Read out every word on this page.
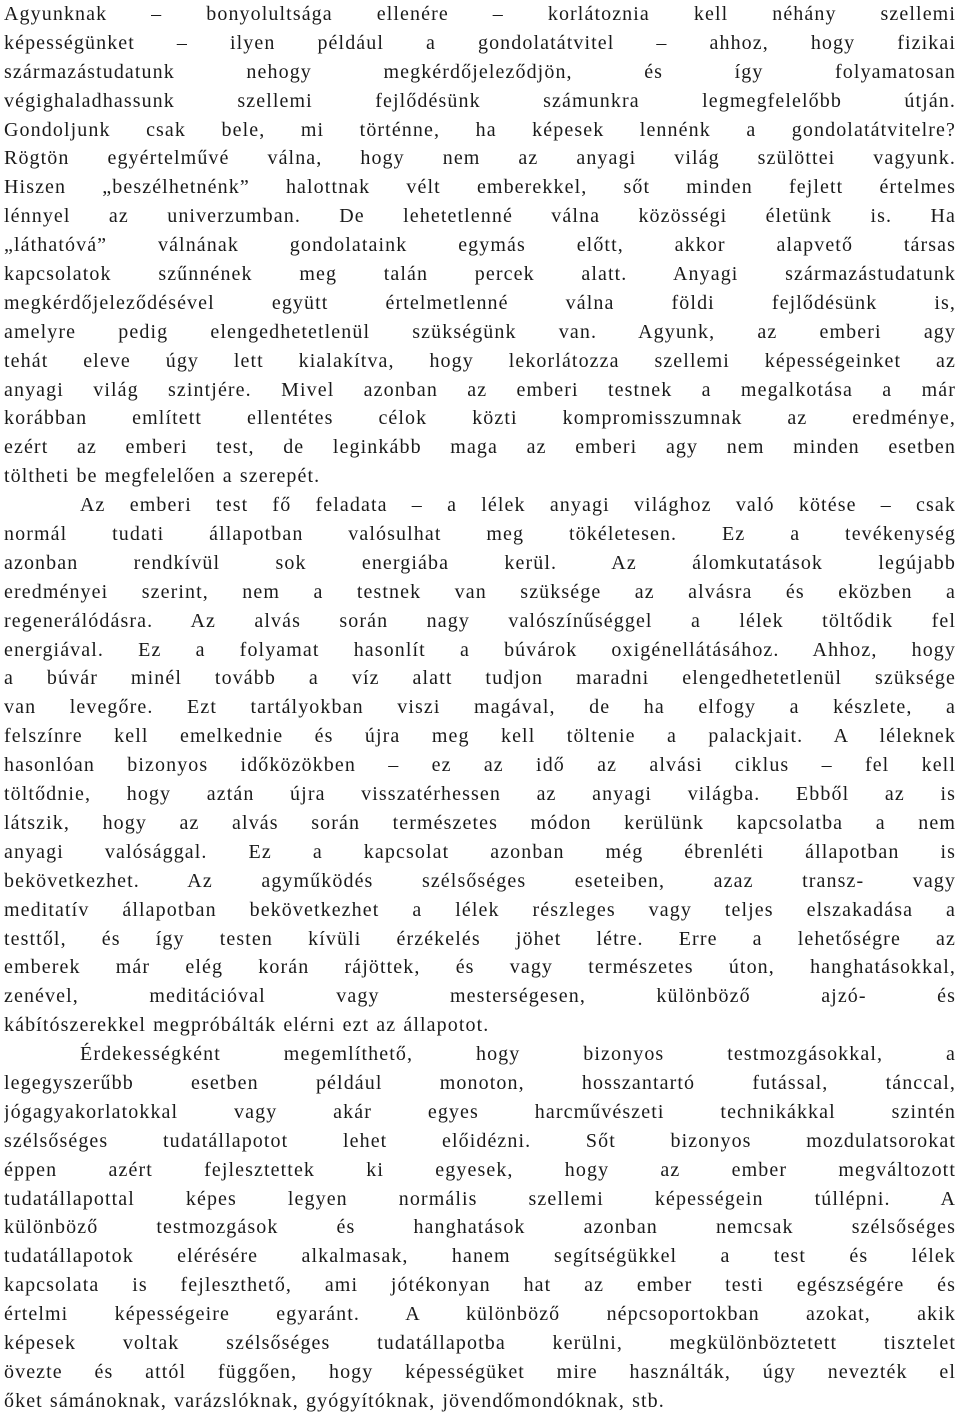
Agyunknak – bonyolultsága ellenére – korlátoznia kell néhány szellemi
képességünket – ilyen például a gondolatátvitel – ahhoz, hogy fizikai
származástudatunk nehogy megkérdőjeleződjön, és így folyamatosan
végighaladhassunk szellemi fejlődésünk számunkra legmegfelelőbb útján.
Gondoljunk csak bele, mi történne, ha képesek lennénk a gondolatátvitelre?
Rögtön egyértelművé válna, hogy nem az anyagi világ szülöttei vagyunk.
Hiszen „beszélhetnénk” halottnak vélt emberekkel, sőt minden fejlett értelmes
lénnyel az univerzumban. De lehetetlenné válna közösségi életünk is. Ha
„láthatóvá” válnának gondolataink egymás előtt, akkor alapvető társas
kapcsolatok szűnnének meg talán percek alatt. Anyagi származástudatunk
megkérdőjeleződésével együtt értelmetlenné válna földi fejlődésünk is,
amelyre pedig elengedhetetlenül szükségünk van. Agyunk, az emberi agy
tehát eleve úgy lett kialakítva, hogy lekorlátozza szellemi képességeinket az
anyagi világ szintjére. Mivel azonban az emberi testnek a megalkotása a már
korábban említett ellentétes célok közti kompromisszumnak az eredménye,
ezért az emberi test, de leginkább maga az emberi agy nem minden esetben
töltheti be megfelelően a szerepét.
Az emberi test fő feladata – a lélek anyagi világhoz való kötése – csak
normál tudati állapotban valósulhat meg tökéletesen. Ez a tevékenység
azonban rendkívül sok energiába kerül. Az álomkutatások legújabb
eredményei szerint, nem a testnek van szüksége az alvásra és eközben a
regenerálódásra. Az alvás során nagy valószínűséggel a lélek töltődik fel
energiával. Ez a folyamat hasonlít a búvárok oxigénellátásához. Ahhoz, hogy
a búvár minél tovább a víz alatt tudjon maradni elengedhetetlenül szüksége
van levegőre. Ezt tartályokban viszi magával, de ha elfogy a készlete, a
felszínre kell emelkednie és újra meg kell töltenie a palackjait. A léleknek
hasonlóan bizonyos időközökben – ez az idő az alvási ciklus – fel kell
töltődnie, hogy aztán újra visszatérhessen az anyagi világba. Ebből az is
látszik, hogy az alvás során természetes módon kerülünk kapcsolatba a nem
anyagi valósággal. Ez a kapcsolat azonban még ébrenléti állapotban is
bekövetkezhet. Az agyműködés szélsőséges eseteiben, azaz transz- vagy
meditatív állapotban bekövetkezhet a lélek részleges vagy teljes elszakadása a
testtől, és így testen kívüli érzékelés jöhet létre. Erre a lehetőségre az
emberek már elég korán rájöttek, és vagy természetes úton, hanghatásokkal,
zenével, meditációval vagy mesterségesen, különböző ajzó- és
kábítószerekkel megpróbálták elérni ezt az állapotot.
Érdekességként megemlíthető, hogy bizonyos testmozgásokkal, a
legegyszerűbb esetben például monoton, hosszantartó futással, tánccal,
jógagyakorlatokkal vagy akár egyes harcművészeti technikákkal szintén
szélsőséges tudatállapotot lehet előidézni. Sőt bizonyos mozdulatsorokat
éppen azért fejlesztettek ki egyesek, hogy az ember megváltozott
tudatállapottal képes legyen normális szellemi képességein túllépni. A
különböző testmozgások és hanghatások azonban nemcsak szélsőséges
tudatállapotok elérésére alkalmasak, hanem segítségükkel a test és lélek
kapcsolata is fejleszthető, ami jótékonyan hat az ember testi egészségére és
értelmi képességeire egyaránt. A különböző népcsoportokban azokat, akik
képesek voltak szélsőséges tudatállapotba kerülni, megkülönböztetett tisztelet
övezte és attól függően, hogy képességüket mire használták, úgy nevezték el
őket sámánoknak, varázslóknak, gyógyítóknak, jövendőmondóknak, stb.
